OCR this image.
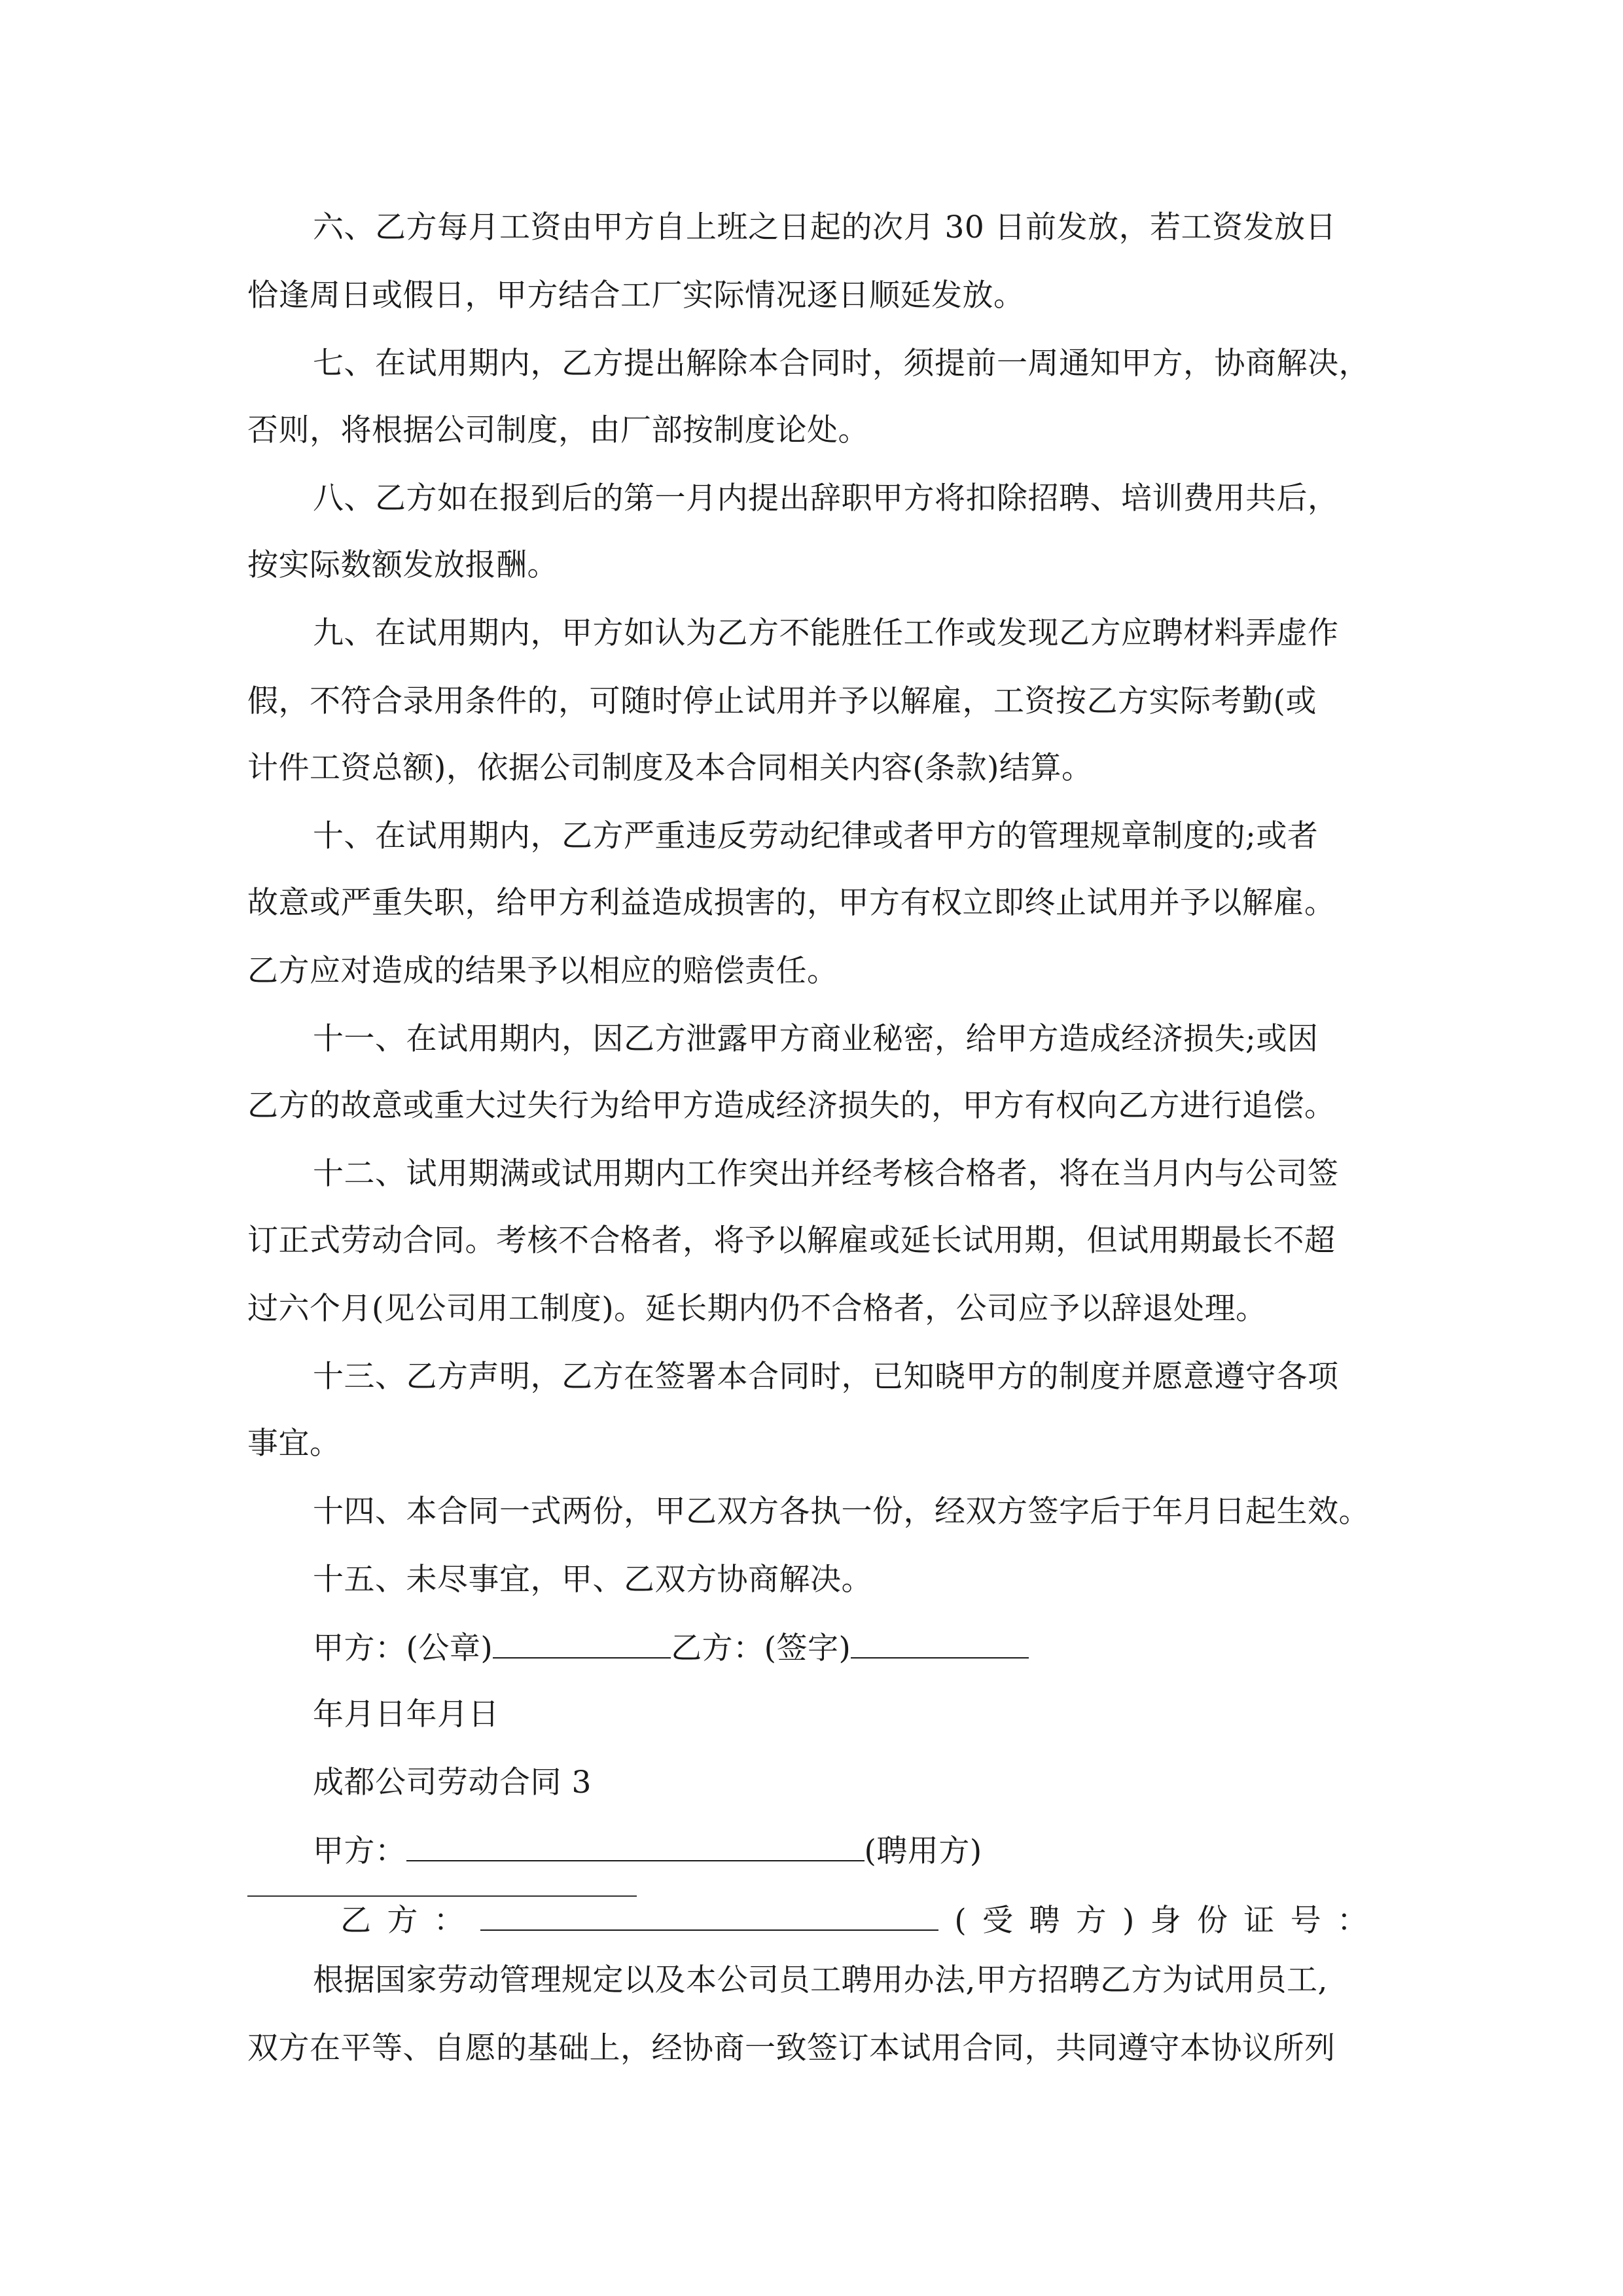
六、乙方每月工资由甲方自上班之日起的次月 30 日前发放，若工资发放日
恰逢周日或假日，甲方结合工厂实际情况逐日顺延发放。
七、在试用期内，乙方提出解除本合同时，须提前一周通知甲方，协商解决，
否则，将根据公司制度，由厂部按制度论处。
八、乙方如在报到后的第一月内提出辞职甲方将扣除招聘、培训费用共后，
按实际数额发放报酬。
九、在试用期内，甲方如认为乙方不能胜任工作或发现乙方应聘材料弄虚作
假，不符合录用条件的，可随时停止试用并予以解雇，工资按乙方实际考勤(或
计件工资总额)，依据公司制度及本合同相关内容(条款)结算。
十、在试用期内，乙方严重违反劳动纪律或者甲方的管理规章制度的;或者
故意或严重失职，给甲方利益造成损害的，甲方有权立即终止试用并予以解雇。
乙方应对造成的结果予以相应的赔偿责任。
十一、在试用期内，因乙方泄露甲方商业秘密，给甲方造成经济损失;或因
乙方的故意或重大过失行为给甲方造成经济损失的，甲方有权向乙方进行追偿。
十二、试用期满或试用期内工作突出并经考核合格者，将在当月内与公司签
订正式劳动合同。考核不合格者，将予以解雇或延长试用期，但试用期最长不超
过六个月(见公司用工制度)。延长期内仍不合格者，公司应予以辞退处理。
十三、乙方声明，乙方在签署本合同时，已知晓甲方的制度并愿意遵守各项
事宜。
十四、本合同一式两份，甲乙双方各执一份，经双方签字后于年月日起生效。
十五、未尽事宜，甲、乙双方协商解决。
甲方：(公章)	乙方：(签字)
年月日年月日
成都公司劳动合同 3
甲方：	(聘用方)
乙 方 ：	( 受 聘 方 ) 身 份 证 号 ：
根据国家劳动管理规定以及本公司员工聘用办法,甲方招聘乙方为试用员工,
双方在平等、自愿的基础上，经协商一致签订本试用合同，共同遵守本协议所列
